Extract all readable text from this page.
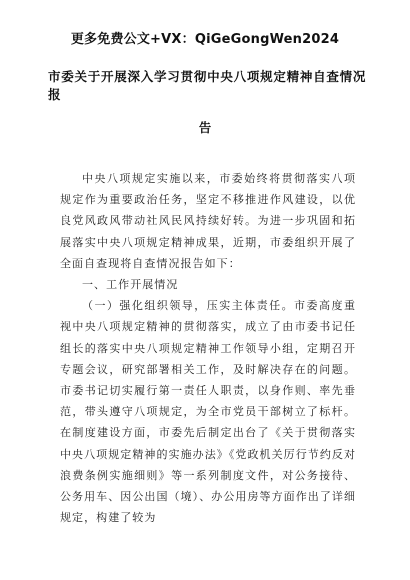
更多免费公文+VX：QiGeGongWen2024
市委关于开展深入学习贯彻中央八项规定精神自查情况报
告

中央八项规定实施以来，市委始终将贯彻落实八项规定作为重要政治任务，坚定不移推进作风建设，以优良党风政风带动社风民风持续好转。为进一步巩固和拓展落实中央八项规定精神成果，近期，市委组织开展了全面自查现将自查情况报告如下：

一、工作开展情况

（一）强化组织领导，压实主体责任。市委高度重视中央八项规定精神的贯彻落实，成立了由市委书记任组长的落实中央八项规定精神工作领导小组，定期召开专题会议，研究部署相关工作，及时解决存在的问题。市委书记切实履行第一责任人职责，以身作则、率先垂范，带头遵守八项规定，为全市党员干部树立了标杆。在制度建设方面，市委先后制定出台了《关于贯彻落实中央八项规定精神的实施办法》《党政机关厉行节约反对浪费条例实施细则》等一系列制度文件，对公务接待、公务用车、因公出国（境）、办公用房等方面作出了详细规定，构建了较为
